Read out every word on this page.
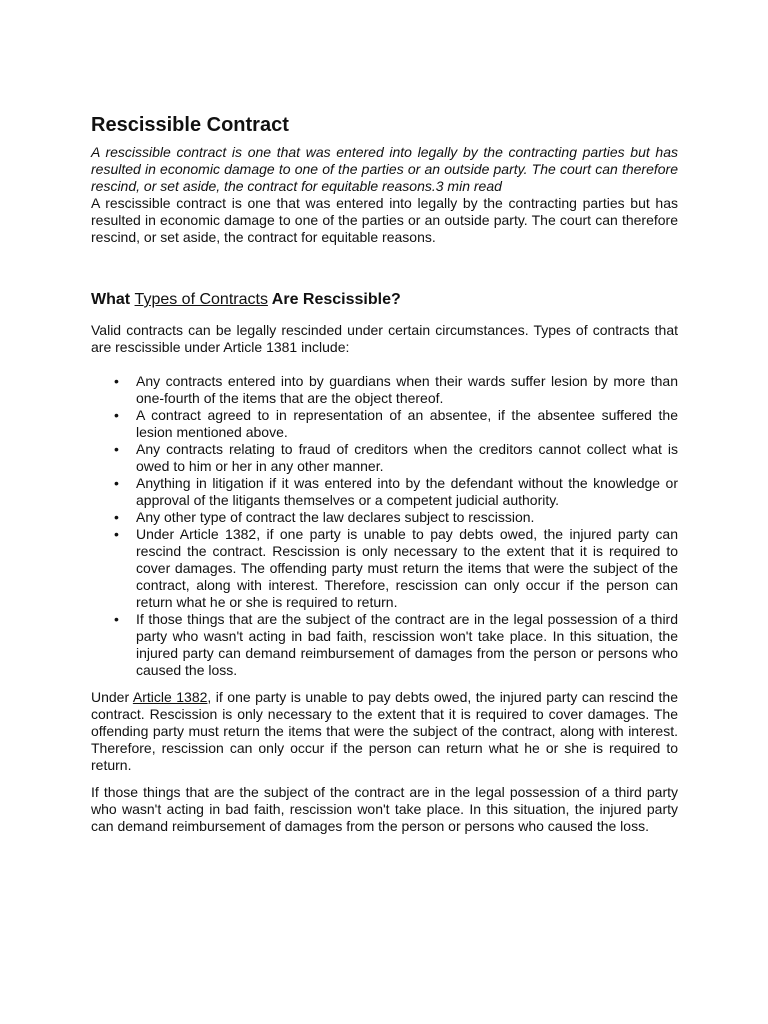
Rescissible Contract

A rescissible contract is one that was entered into legally by the contracting parties but has resulted in economic damage to one of the parties or an outside party. The court can therefore rescind, or set aside, the contract for equitable reasons.3 min read

A rescissible contract is one that was entered into legally by the contracting parties but has resulted in economic damage to one of the parties or an outside party. The court can therefore rescind, or set aside, the contract for equitable reasons.

What Types of Contracts Are Rescissible?

Valid contracts can be legally rescinded under certain circumstances. Types of contracts that are rescissible under Article 1381 include:

• Any contracts entered into by guardians when their wards suffer lesion by more than one-fourth of the items that are the object thereof.
• A contract agreed to in representation of an absentee, if the absentee suffered the lesion mentioned above.
• Any contracts relating to fraud of creditors when the creditors cannot collect what is owed to him or her in any other manner.
• Anything in litigation if it was entered into by the defendant without the knowledge or approval of the litigants themselves or a competent judicial authority.
• Any other type of contract the law declares subject to rescission.
• Under Article 1382, if one party is unable to pay debts owed, the injured party can rescind the contract. Rescission is only necessary to the extent that it is required to cover damages. The offending party must return the items that were the subject of the contract, along with interest. Therefore, rescission can only occur if the person can return what he or she is required to return.
• If those things that are the subject of the contract are in the legal possession of a third party who wasn't acting in bad faith, rescission won't take place. In this situation, the injured party can demand reimbursement of damages from the person or persons who caused the loss.

Under Article 1382, if one party is unable to pay debts owed, the injured party can rescind the contract. Rescission is only necessary to the extent that it is required to cover damages. The offending party must return the items that were the subject of the contract, along with interest. Therefore, rescission can only occur if the person can return what he or she is required to return.

If those things that are the subject of the contract are in the legal possession of a third party who wasn't acting in bad faith, rescission won't take place. In this situation, the injured party can demand reimbursement of damages from the person or persons who caused the loss.
